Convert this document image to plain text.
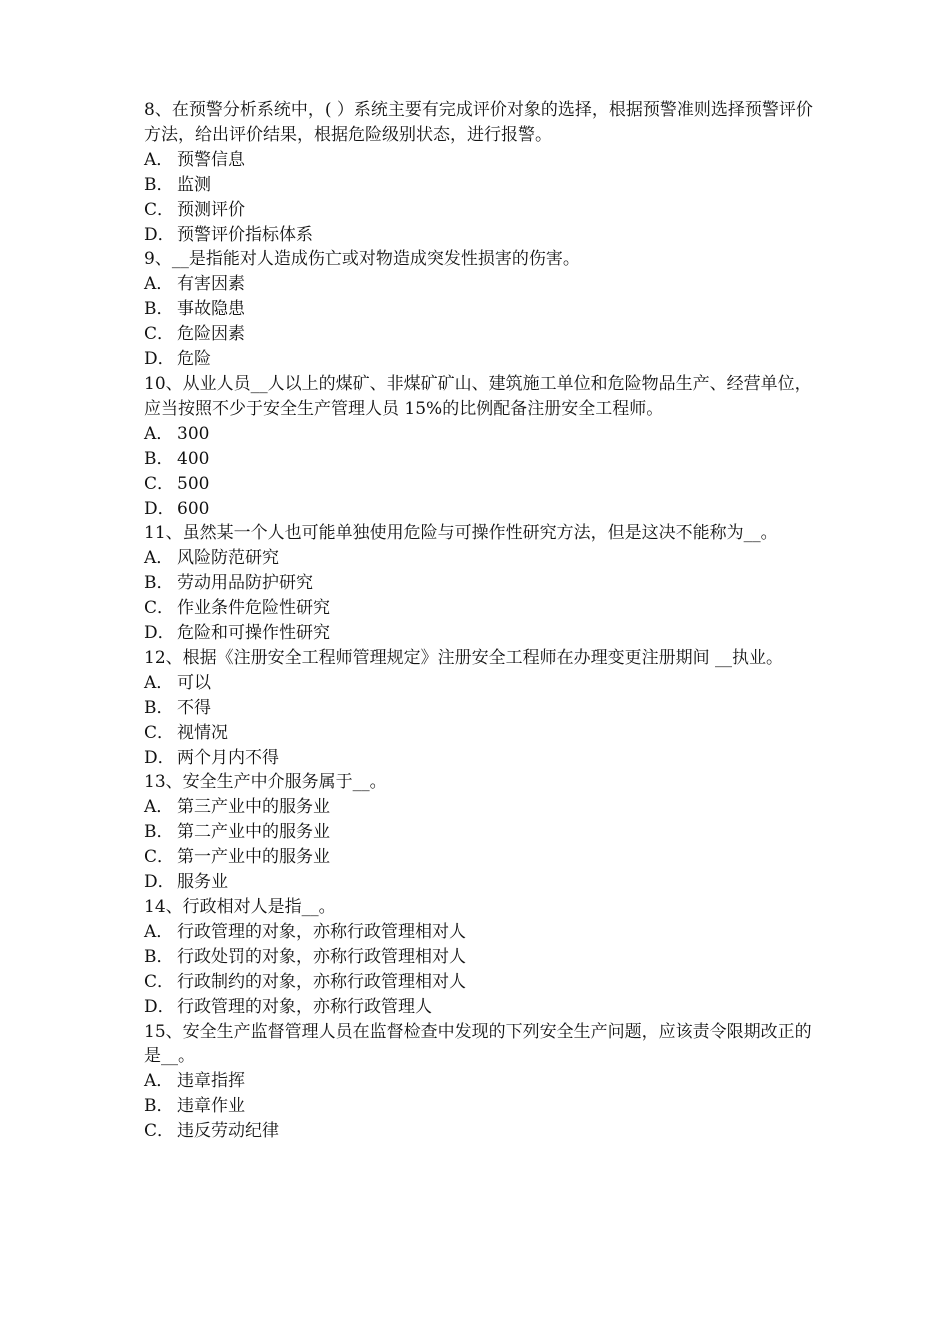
8、在预警分析系统中，( ）系统主要有完成评价对象的选择，根据预警准则选择预警评价方法，给出评价结果，根据危险级别状态，进行报警。
A． 预警信息
B． 监测
C． 预测评价
D． 预警评价指标体系
9、__是指能对人造成伤亡或对物造成突发性损害的伤害。
A． 有害因素
B． 事故隐患
C． 危险因素
D． 危险
10、从业人员__人以上的煤矿、非煤矿矿山、建筑施工单位和危险物品生产、经营单位，应当按照不少于安全生产管理人员 15%的比例配备注册安全工程师。
A． 300
B． 400
C． 500
D． 600
11、虽然某一个人也可能单独使用危险与可操作性研究方法，但是这决不能称为__。
A． 风险防范研究
B． 劳动用品防护研究
C． 作业条件危险性研究
D． 危险和可操作性研究
12、根据《注册安全工程师管理规定》注册安全工程师在办理变更注册期间 __执业。
A． 可以
B． 不得
C． 视情况
D． 两个月内不得
13、安全生产中介服务属于__。
A． 第三产业中的服务业
B． 第二产业中的服务业
C． 第一产业中的服务业
D． 服务业
14、行政相对人是指__。
A． 行政管理的对象，亦称行政管理相对人
B． 行政处罚的对象，亦称行政管理相对人
C． 行政制约的对象，亦称行政管理相对人
D． 行政管理的对象，亦称行政管理人
15、安全生产监督管理人员在监督检查中发现的下列安全生产问题，应该责令限期改正的是__。
A． 违章指挥
B． 违章作业
C． 违反劳动纪律
